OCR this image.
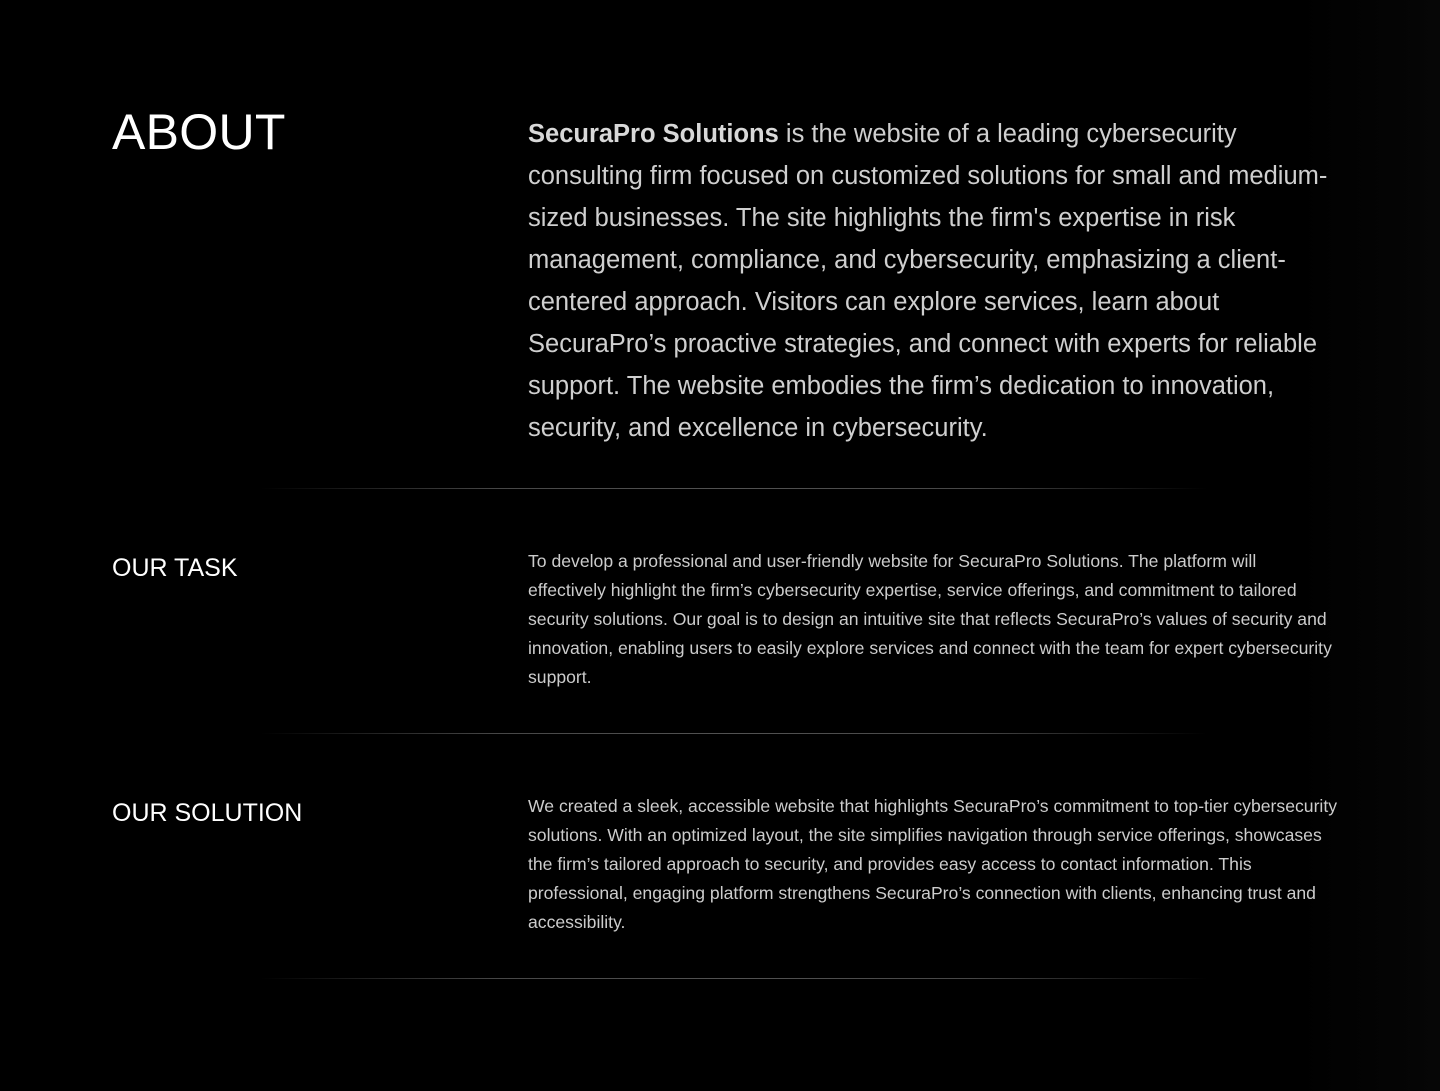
ABOUT	SecuraPro Solutions is the website of a leading cybersecurity consulting firm focused on customized solutions for small and medium-sized businesses. The site highlights the firm's expertise in risk management, compliance, and cybersecurity, emphasizing a client-centered approach. Visitors can explore services, learn about SecuraPro’s proactive strategies, and connect with experts for reliable support. The website embodies the firm’s dedication to innovation, security, and excellence in cybersecurity.

OUR TASK	To develop a professional and user-friendly website for SecuraPro Solutions. The platform will effectively highlight the firm’s cybersecurity expertise, service offerings, and commitment to tailored security solutions. Our goal is to design an intuitive site that reflects SecuraPro’s values of security and innovation, enabling users to easily explore services and connect with the team for expert cybersecurity support.

OUR SOLUTION	We created a sleek, accessible website that highlights SecuraPro’s commitment to top-tier cybersecurity solutions. With an optimized layout, the site simplifies navigation through service offerings, showcases the firm’s tailored approach to security, and provides easy access to contact information. This professional, engaging platform strengthens SecuraPro’s connection with clients, enhancing trust and accessibility.
